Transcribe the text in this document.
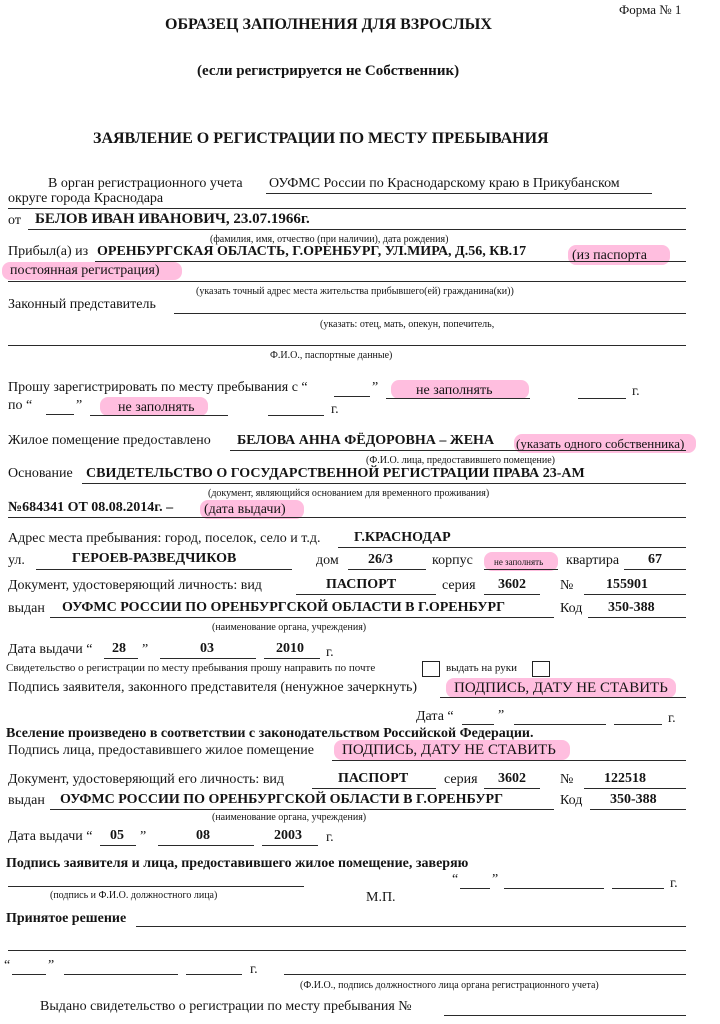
Форма № 1
ОБРАЗЕЦ ЗАПОЛНЕНИЯ ДЛЯ ВЗРОСЛЫХ
(если регистрируется не Собственник)
ЗАЯВЛЕНИЕ О РЕГИСТРАЦИИ ПО МЕСТУ ПРЕБЫВАНИЯ
В орган регистрационного учета ОУФМС России по Краснодарскому краю в Прикубанском
округе города Краснодара
от БЕЛОВ ИВАН ИВАНОВИЧ, 23.07.1966г.
(фамилия, имя, отчество (при наличии), дата рождения)
Прибыл(а) из ОРЕНБУРГСКАЯ ОБЛАСТЬ, Г.ОРЕНБУРГ, УЛ.МИРА, Д.56, КВ.17	(из паспорта
постоянная регистрация)
(указать точный адрес места жительства прибывшего(ей) гражданина(ки))
Законный представитель
(указать: отец, мать, опекун, попечитель,
Ф.И.О., паспортные данные)
Прошу зарегистрировать по месту пребывания с “	”	не заполнять	г.
по “	”	не заполнять	г.
Жилое помещение предоставлено БЕЛОВА АННА ФЁДОРОВНА – ЖЕНА (указать одного собственника)
(Ф.И.О. лица, предоставившего помещение)
Основание СВИДЕТЕЛЬСТВО О ГОСУДАРСТВЕННОЙ РЕГИСТРАЦИИ ПРАВА 23-АМ
(документ, являющийся основанием для временного проживания)
№684341 ОТ 08.08.2014г. – (дата выдачи)
Адрес места пребывания: город, поселок, село и т.д. Г.КРАСНОДАР
ул.	ГЕРОЕВ-РАЗВЕДЧИКОВ	дом 26/3	корпус не заполнять квартира 67
Документ, удостоверяющий личность: вид	ПАСПОРТ	серия 3602 № 155901
выдан ОУФМС РОССИИ ПО ОРЕНБУРГСКОЙ ОБЛАСТИ В Г.ОРЕНБУРГ	Код 350-388
(наименование органа, учреждения)
Дата выдачи “ 28 ”	03	2010 г.
Свидетельство о регистрации по месту пребывания прошу направить по почте	выдать на руки
Подпись заявителя, законного представителя (ненужное зачеркнуть) ПОДПИСЬ, ДАТУ НЕ СТАВИТЬ
Дата “	”	г.
Вселение произведено в соответствии с законодательством Российской Федерации.
Подпись лица, предоставившего жилое помещение ПОДПИСЬ, ДАТУ НЕ СТАВИТЬ
Документ, удостоверяющий его личность: вид	ПАСПОРТ	серия 3602 № 122518
выдан ОУФМС РОССИИ ПО ОРЕНБУРГСКОЙ ОБЛАСТИ В Г.ОРЕНБУРГ	Код 350-388
(наименование органа, учреждения)
Дата выдачи “ 05 ”	08	2003 г.
Подпись заявителя и лица, предоставившего жилое помещение, заверяю
“ ”	г.
(подпись и Ф.И.О. должностного лица)	М.П.
Принятое решение
“	”	г.
(Ф.И.О., подпись должностного лица органа регистрационного учета)
Выдано свидетельство о регистрации по месту пребывания №
